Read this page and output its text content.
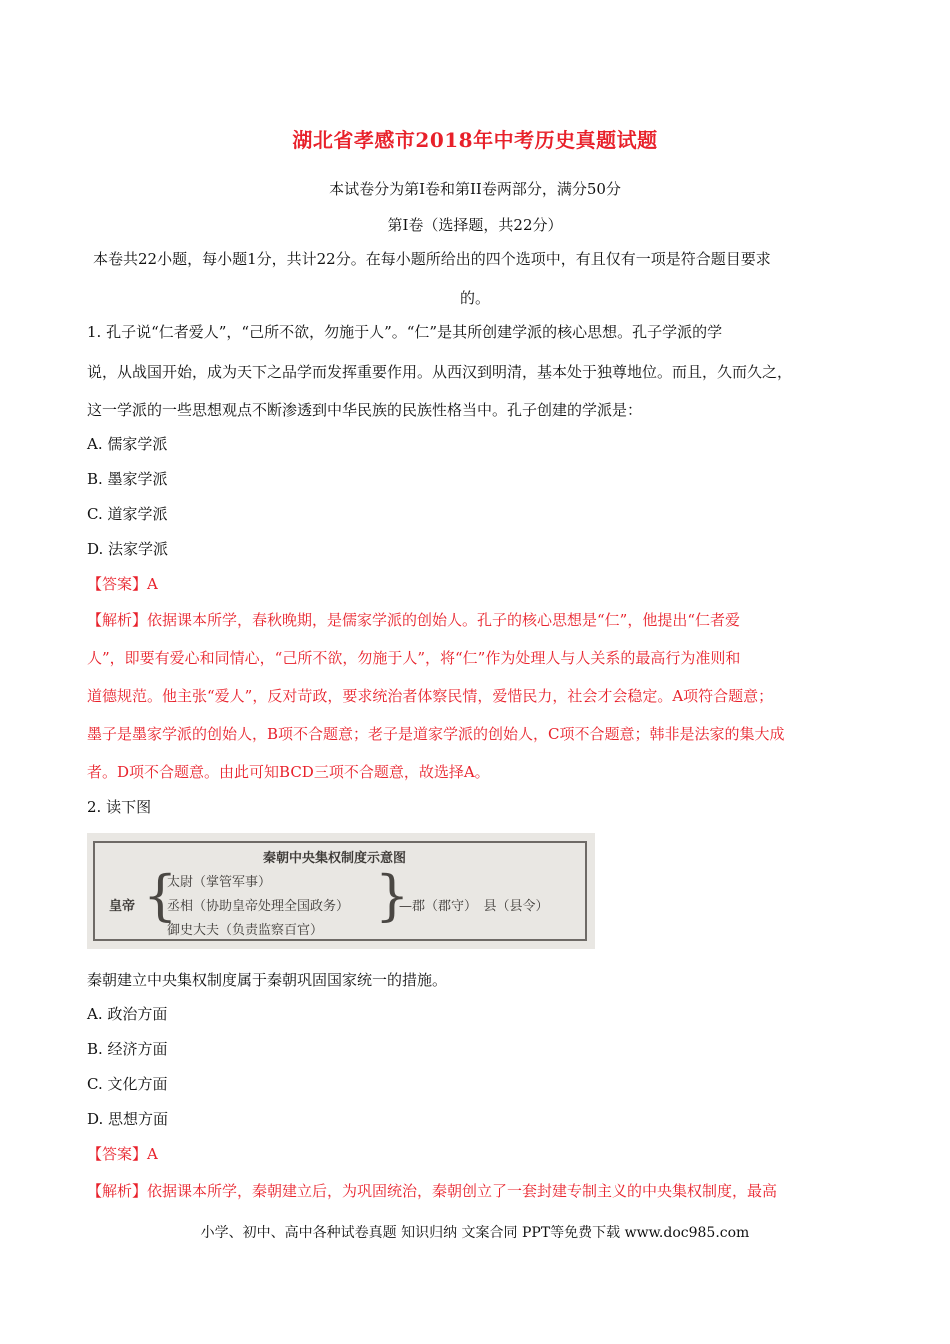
湖北省孝感市2018年中考历史真题试题
本试卷分为第I卷和第II卷两部分，满分50分
第I卷（选择题，共22分）
本卷共22小题，每小题1分，共计22分。在每小题所给出的四个选项中，有且仅有一项是符合题目要求
的。
1. 孔子说“仁者爱人”，“己所不欲，勿施于人”。“仁”是其所创建学派的核心思想。孔子学派的学
说，从战国开始，成为天下之品学而发挥重要作用。从西汉到明清，基本处于独尊地位。而且，久而久之，
这一学派的一些思想观点不断渗透到中华民族的民族性格当中。孔子创建的学派是：
A. 儒家学派
B. 墨家学派
C. 道家学派
D. 法家学派
【答案】A
【解析】依据课本所学，春秋晚期，是儒家学派的创始人。孔子的核心思想是“仁”，他提出“仁者爱
人”，即要有爱心和同情心，“己所不欲，勿施于人”，将“仁”作为处理人与人关系的最高行为准则和
道德规范。他主张“爱人”，反对苛政，要求统治者体察民情，爱惜民力，社会才会稳定。A项符合题意；
墨子是墨家学派的创始人，B项不合题意；老子是道家学派的创始人，C项不合题意；韩非是法家的集大成
者。D项不合题意。由此可知BCD三项不合题意，故选择A。
2. 读下图
秦朝中央集权制度示意图
皇帝 {
太尉（掌管军事）
丞相（协助皇帝处理全国政务）
御史大夫（负责监察百官）
}
—郡（郡守）　县（县令）
秦朝建立中央集权制度属于秦朝巩固国家统一的措施。
A. 政治方面
B. 经济方面
C. 文化方面
D. 思想方面
【答案】A
【解析】依据课本所学，秦朝建立后，为巩固统治，秦朝创立了一套封建专制主义的中央集权制度，最高
小学、初中、高中各种试卷真题 知识归纳 文案合同 PPT等免费下载 www.doc985.com
